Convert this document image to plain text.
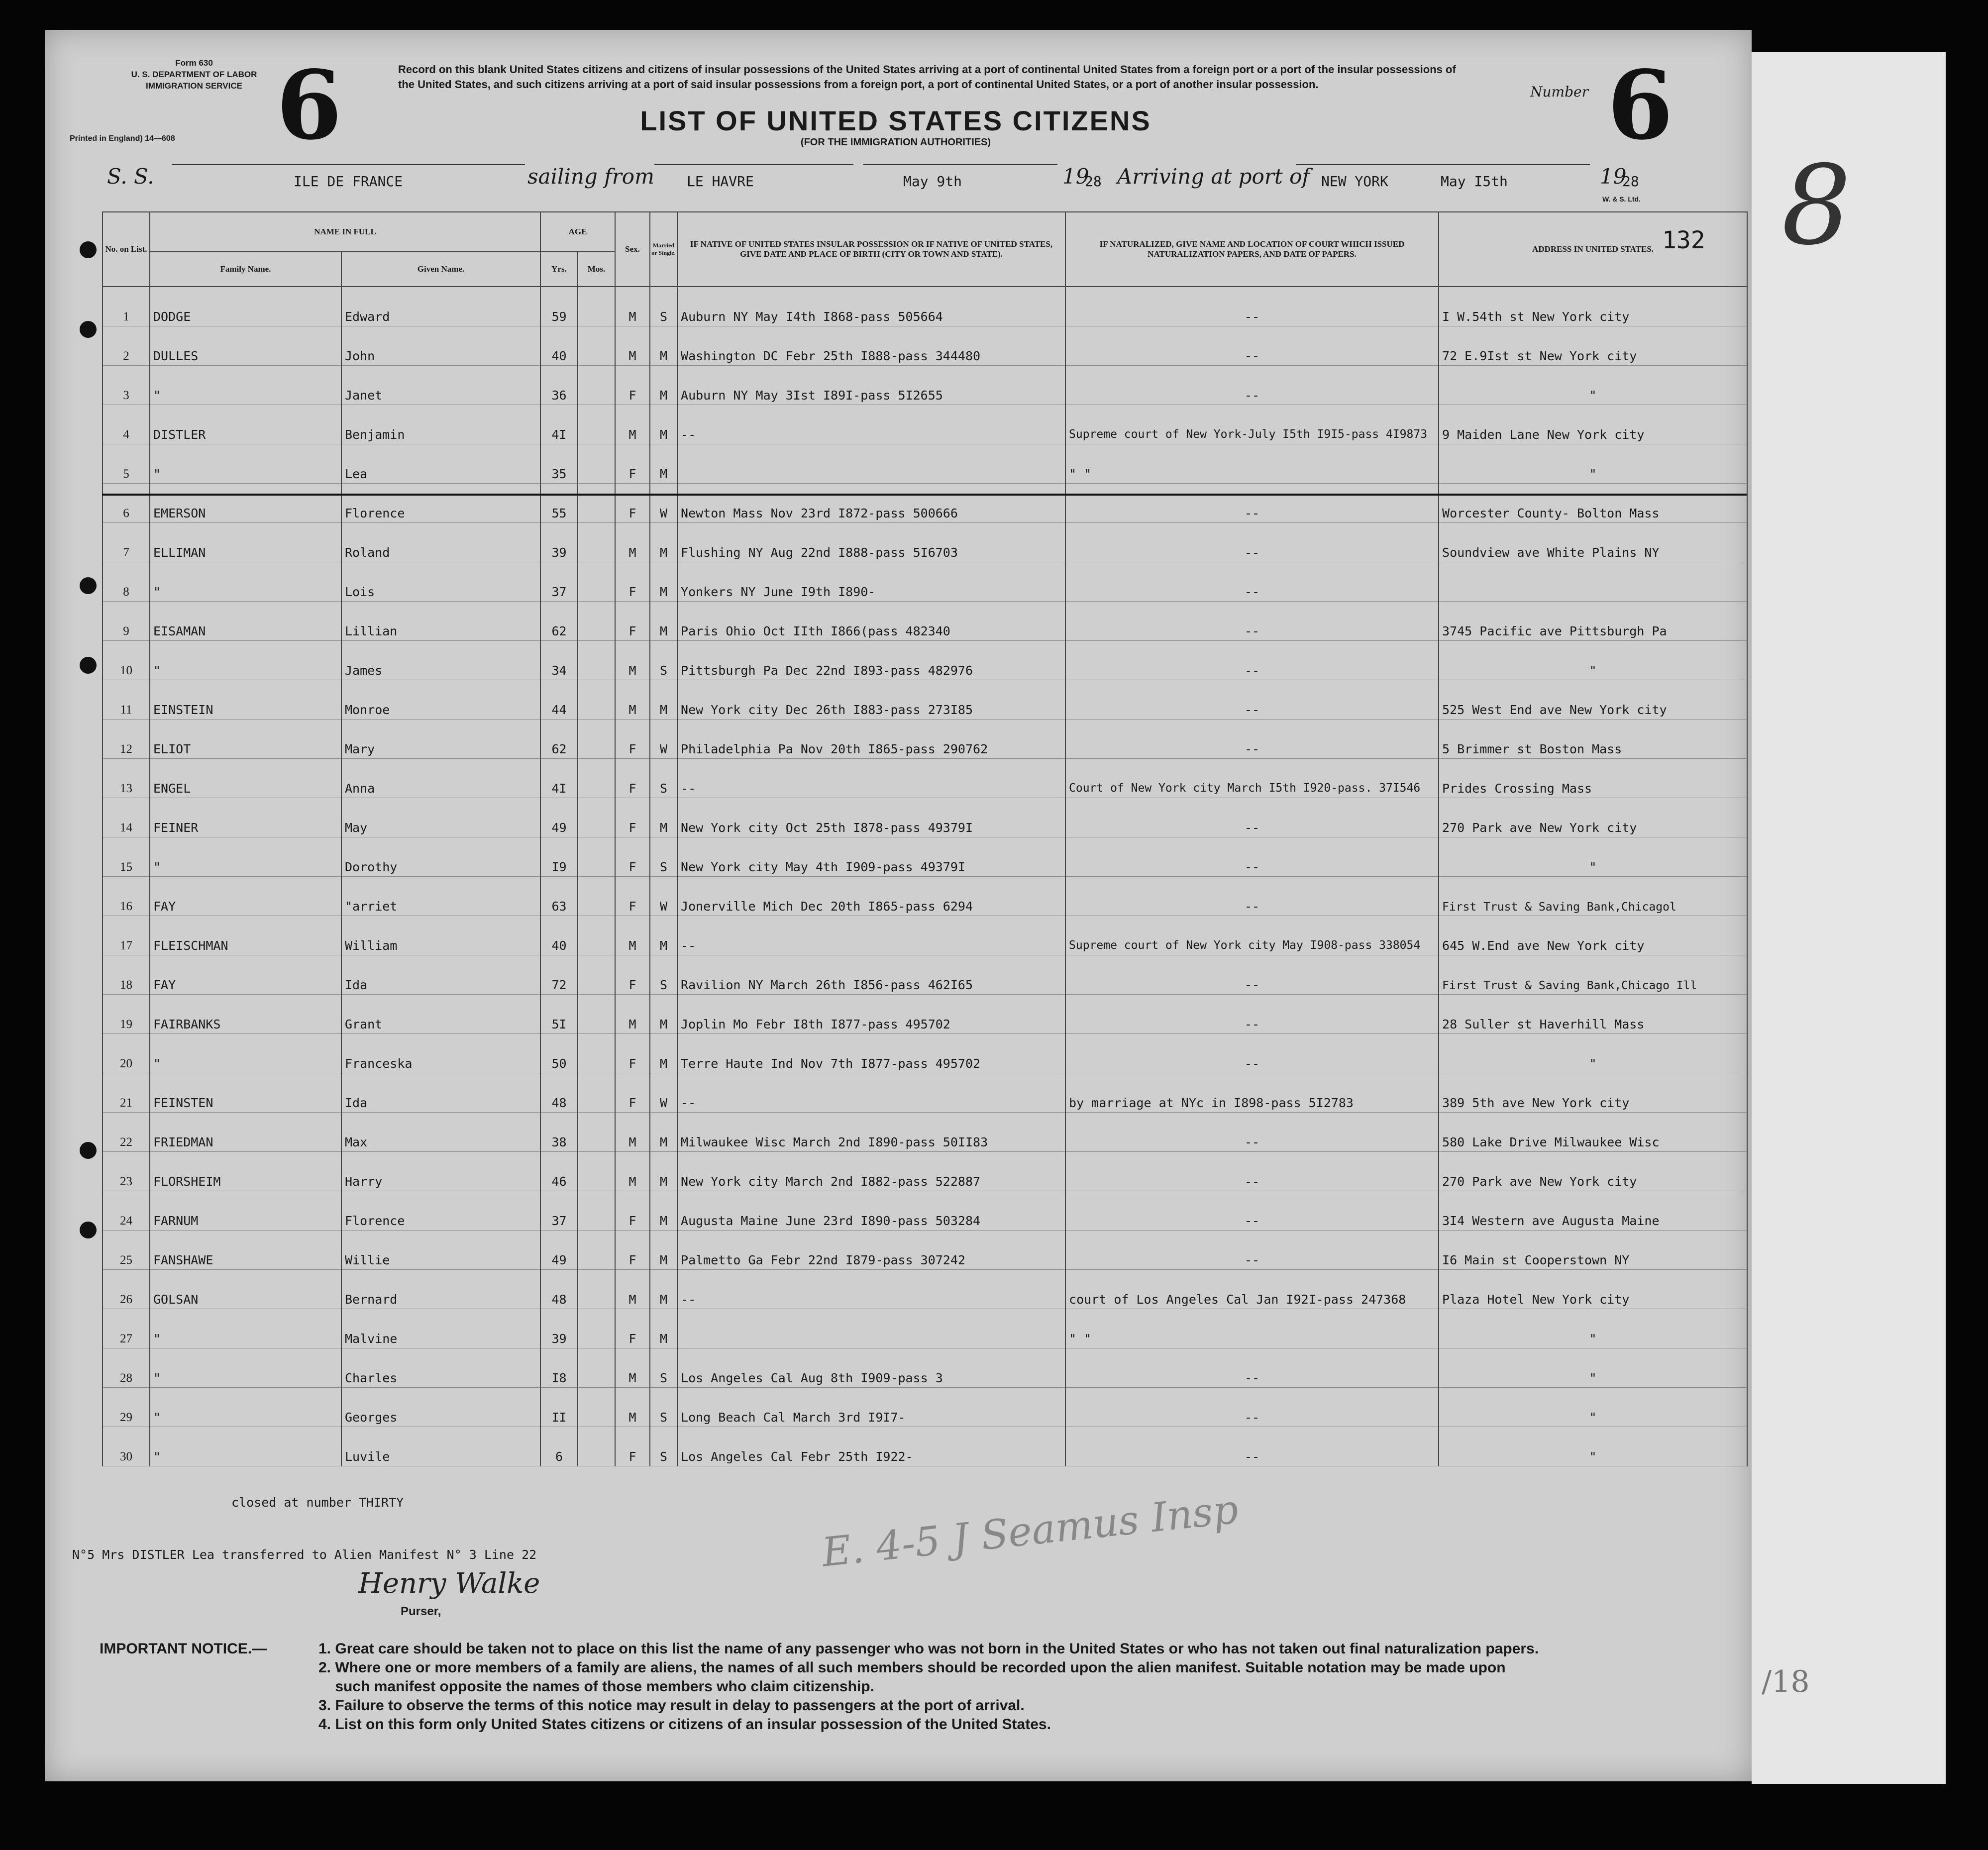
8
/18
Form 630
U. S. DEPARTMENT OF LABOR
IMMIGRATION SERVICE 6
Printed in England) 14—608
Record on this blank United States citizens and citizens of insular possessions of the United States arriving at a port of continental United States from a foreign port or a port of the insular possessions of the United States, and such citizens arriving at a port of said insular possessions from a foreign port, a port of continental United States, or a port of another insular possession.
LIST OF UNITED STATES CITIZENS
(FOR THE IMMIGRATION AUTHORITIES)
Number 6
W. & S. Ltd.
S. S.	ILE DE FRANCE	sailing from LE HAVRE	May 9th	19
28 Arriving at port of NEW YORK	May I5th	19
28
132
No. on List.	NAME IN FULL		AGE		Sex.	Married or Single.	IF NATIVE OF UNITED STATES INSULAR POSSESSION OR IF NATIVE OF UNITED STATES, GIVE DATE AND PLACE OF BIRTH (CITY OR TOWN AND STATE).	IF NATURALIZED, GIVE NAME AND LOCATION OF COURT WHICH ISSUED NATURALIZATION PAPERS, AND DATE OF PAPERS.	ADDRESS IN UNITED STATES.
	Family Name.	Given Name.	Yrs.	Mos.					
1	DODGE	Edward	59		M	S	Auburn NY May I4th I868-pass 505664	--	I W.54th st New York city
2	DULLES	John	40		M	M	Washington DC Febr 25th I888-pass 344480	--	72 E.9Ist st New York city
3	"	Janet	36		F	M	Auburn NY May 3Ist I89I-pass 5I2655	--	"
4	DISTLER	Benjamin	4I		M	M	--	Supreme court of New York-July I5th I9I5-pass 4I9873	9 Maiden Lane New York city
5	"	Lea	35		F	M		" "	"
6	EMERSON	Florence	55		F	W	Newton Mass Nov 23rd I872-pass 500666	--	Worcester County- Bolton Mass
7	ELLIMAN	Roland	39		M	M	Flushing NY Aug 22nd I888-pass 5I6703	--	Soundview ave White Plains NY
8	"	Lois	37		F	M	Yonkers NY June I9th I890-	--	
9	EISAMAN	Lillian	62		F	M	Paris Ohio Oct IIth I866(pass 482340	--	3745 Pacific ave Pittsburgh Pa
10	"	James	34		M	S	Pittsburgh Pa Dec 22nd I893-pass 482976	--	"
11	EINSTEIN	Monroe	44		M	M	New York city Dec 26th I883-pass 273I85	--	525 West End ave New York city
12	ELIOT	Mary	62		F	W	Philadelphia Pa Nov 20th I865-pass 290762	--	5 Brimmer st Boston Mass
13	ENGEL	Anna	4I		F	S	--	Court of New York city March I5th I920-pass. 37I546	Prides Crossing Mass
14	FEINER	May	49		F	M	New York city Oct 25th I878-pass 49379I	--	270 Park ave New York city
15	"	Dorothy	I9		F	S	New York city May 4th I909-pass 49379I	--	"
16	FAY	"arriet	63		F	W	Jonerville Mich Dec 20th I865-pass 6294	--	First Trust & Saving Bank,Chicagol
17	FLEISCHMAN	William	40		M	M	--	Supreme court of New York city May I908-pass 338054	645 W.End ave New York city
18	FAY	Ida	72		F	S	Ravilion NY March 26th I856-pass 462I65	--	First Trust & Saving Bank,Chicago Ill
19	FAIRBANKS	Grant	5I		M	M	Joplin Mo Febr I8th I877-pass 495702	--	28 Suller st Haverhill Mass
20	"	Franceska	50		F	M	Terre Haute Ind Nov 7th I877-pass 495702	--	"
21	FEINSTEN	Ida	48		F	W	--	by marriage at NYc in I898-pass 5I2783	389 5th ave New York city
22	FRIEDMAN	Max	38		M	M	Milwaukee Wisc March 2nd I890-pass 50II83	--	580 Lake Drive Milwaukee Wisc
23	FLORSHEIM	Harry	46		M	M	New York city March 2nd I882-pass 522887	--	270 Park ave New York city
24	FARNUM	Florence	37		F	M	Augusta Maine June 23rd I890-pass 503284	--	3I4 Western ave Augusta Maine
25	FANSHAWE	Willie	49		F	M	Palmetto Ga Febr 22nd I879-pass 307242	--	I6 Main st Cooperstown NY
26	GOLSAN	Bernard	48		M	M	--	court of Los Angeles Cal Jan I92I-pass 247368	Plaza Hotel New York city
27	"	Malvine	39		F	M		" "	"
28	"	Charles	I8		M	S	Los Angeles Cal Aug 8th I909-pass 3	--	"
29	"	Georges	II		M	S	Long Beach Cal March 3rd I9I7-	--	"
30	"	Luvile	6		F	S	Los Angeles Cal Febr 25th I922-	--	"
closed at number THIRTY
N°5 Mrs DISTLER Lea transferred to Alien Manifest N° 3 Line 22
Henry Walke
Purser,
E. 4-5 J Seamus Insp
IMPORTANT NOTICE.—	1. Great care should be taken not to place on this list the name of any passenger who was not born in the United States or who has not taken out final naturalization papers.
2. Where one or more members of a family are aliens, the names of all such members should be recorded upon the alien manifest. Suitable notation may be made upon
such manifest opposite the names of those members who claim citizenship.
3. Failure to observe the terms of this notice may result in delay to passengers at the port of arrival.
4. List on this form only United States citizens or citizens of an insular possession of the United States.
